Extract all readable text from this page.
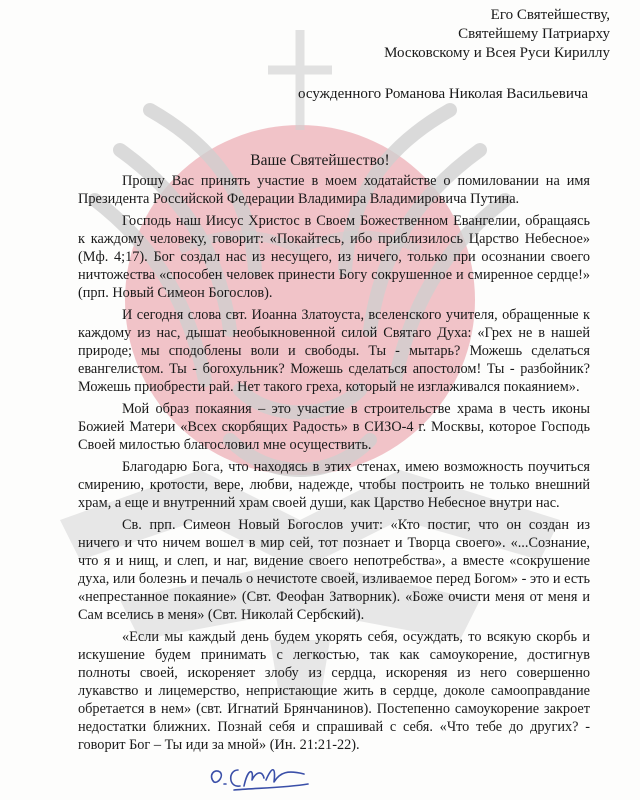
Его Святейшеству,
Святейшему Патриарху
Московскому и Всея Руси Кириллу
осужденного Романова Николая Васильевича
Ваше Святейшество!

Прошу Вас принять участие в моем ходатайстве о помиловании на имя Президента Российской Федерации Владимира Владимировича Путина.

Господь наш Иисус Христос в Своем Божественном Евангелии, обращаясь к каждому человеку, говорит: «Покайтесь, ибо приблизилось Царство Небесное» (Мф. 4;17). Бог создал нас из несущего, из ничего, только при осознании своего ничтожества «способен человек принести Богу сокрушенное и смиренное сердце!» (прп. Новый Симеон Богослов).

И сегодня слова свт. Иоанна Златоуста, вселенского учителя, обращенные к каждому из нас, дышат необыкновенной силой Святаго Духа: «Грех не в нашей природе; мы сподоблены воли и свободы. Ты - мытарь? Можешь сделаться евангелистом. Ты - богохульник? Можешь сделаться апостолом! Ты - разбойник? Можешь приобрести рай. Нет такого греха, который не изглаживался покаянием».

Мой образ покаяния – это участие в строительстве храма в честь иконы Божией Матери «Всех скорбящих Радость» в СИЗО-4 г. Москвы, которое Господь Своей милостью благословил мне осуществить.

Благодарю Бога, что находясь в этих стенах, имею возможность поучиться смирению, кротости, вере, любви, надежде, чтобы построить не только внешний храм, а еще и внутренний храм своей души, как Царство Небесное внутри нас.

Св. прп. Симеон Новый Богослов учит: «Кто постиг, что он создан из ничего и что ничем вошел в мир сей, тот познает и Творца своего». «...Сознание, что я и нищ, и слеп, и наг, видение своего непотребства», а вместе «сокрушение духа, или болезнь и печаль о нечистоте своей, изливаемое перед Богом» - это и есть «непрестанное покаяние» (Свт. Феофан Затворник). «Боже очисти меня от меня и Сам вселись в меня» (Свт. Николай Сербский).

«Если мы каждый день будем укорять себя, осуждать, то всякую скорбь и искушение будем принимать с легкостью, так как самоукорение, достигнув полноты своей, искореняет злобу из сердца, искореняя из него совершенно лукавство и лицемерство, непристающие жить в сердце, доколе самооправдание обретается в нем» (свт. Игнатий Брянчанинов). Постепенно самоукорение закроет недостатки ближних. Познай себя и спрашивай с себя. «Что тебе до других? - говорит Бог – Ты иди за мной» (Ин. 21:21-22).
